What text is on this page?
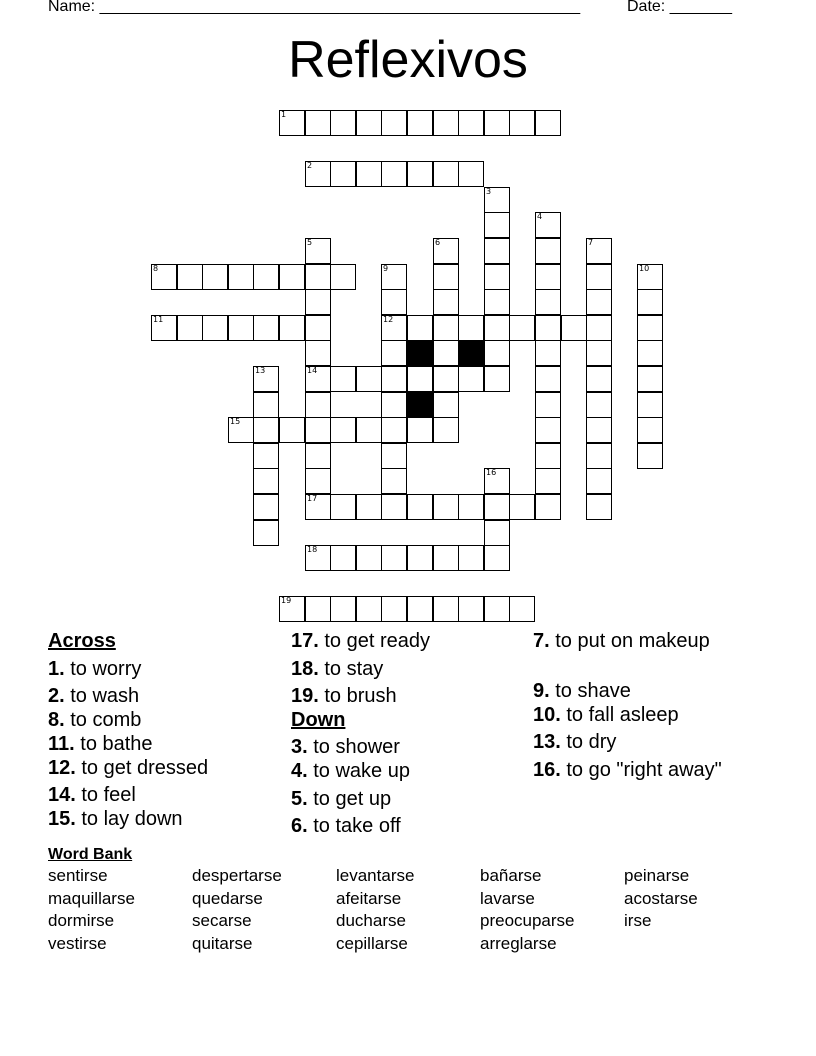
Name: ______________________________________________________	Date: _______
Reflexivos
1
2
3
4
5
14
6	7
8	9
12
10
11
13
15
16
17
18
19
Across
1. to worry
2. to wash
8. to comb
11. to bathe
12. to get dressed
14. to feel
15. to lay down
17. to get ready
18. to stay
19. to brush
Down
3. to shower
4. to wake up
5. to get up
6. to take off
7. to put on makeup
9. to shave
10. to fall asleep
13. to dry
16. to go "right away"
Word Bank
sentirse	despertarse	levantarse	bañarse	peinarse
maquillarse	quedarse	afeitarse	lavarse	acostarse
dormirse	secarse	ducharse	preocuparse	irse
vestirse	quitarse	cepillarse	arreglarse
